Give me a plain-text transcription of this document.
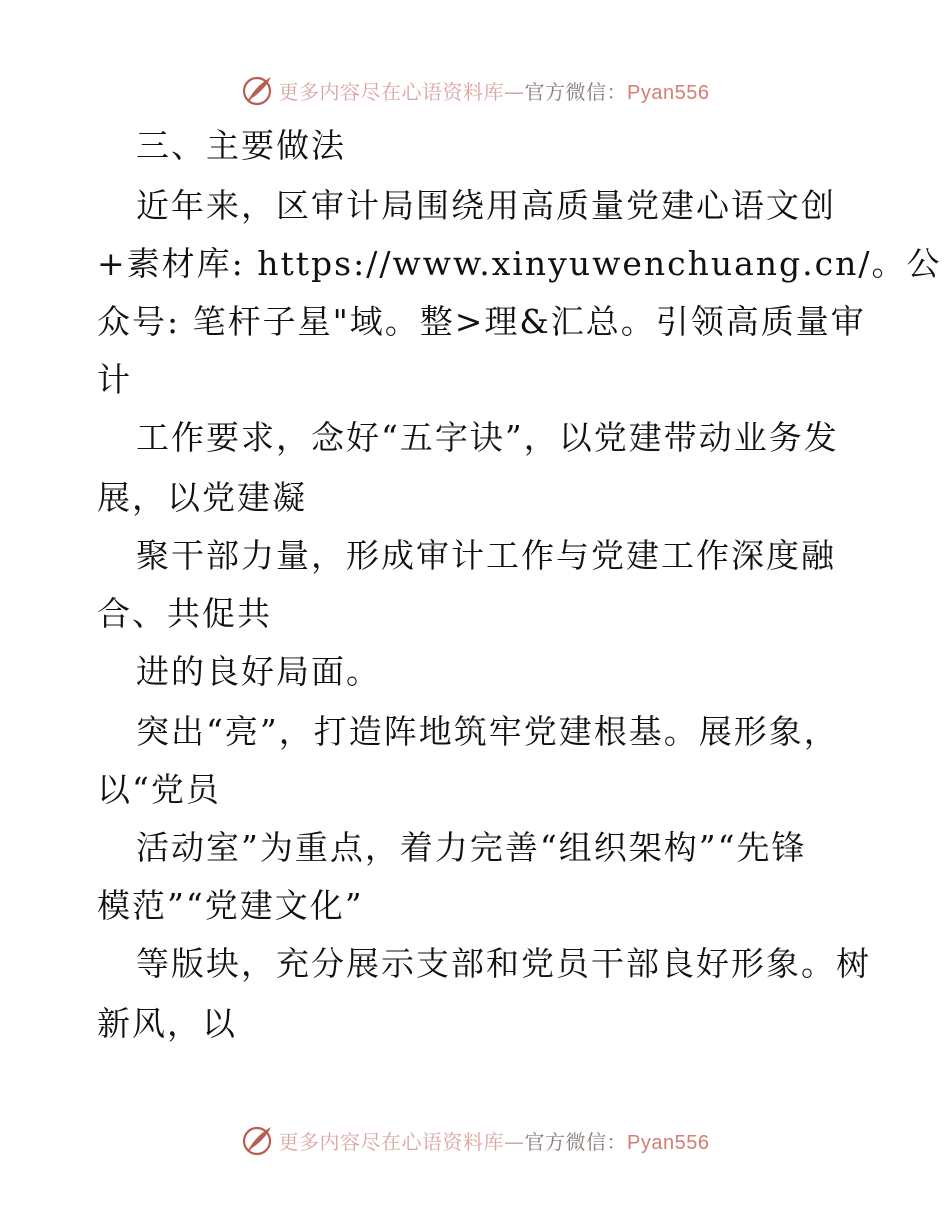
更多内容尽在心语资料库—官方微信：Pyan556
三、主要做法
近年来，区审计局围绕用高质量党建心语文创
+素材库: https://www.xinyuwenchuang.cn/。公
众号: 笔杆子星"域。整>理&汇总。引领高质量审
计
工作要求，念好“五字诀”，以党建带动业务发
展，以党建凝
聚干部力量，形成审计工作与党建工作深度融
合、共促共
进的良好局面。
突出“亮”，打造阵地筑牢党建根基。展形象，
以“党员
活动室”为重点，着力完善“组织架构”“先锋
模范”“党建文化”
等版块，充分展示支部和党员干部良好形象。树
新风，以
更多内容尽在心语资料库—官方微信：Pyan556
